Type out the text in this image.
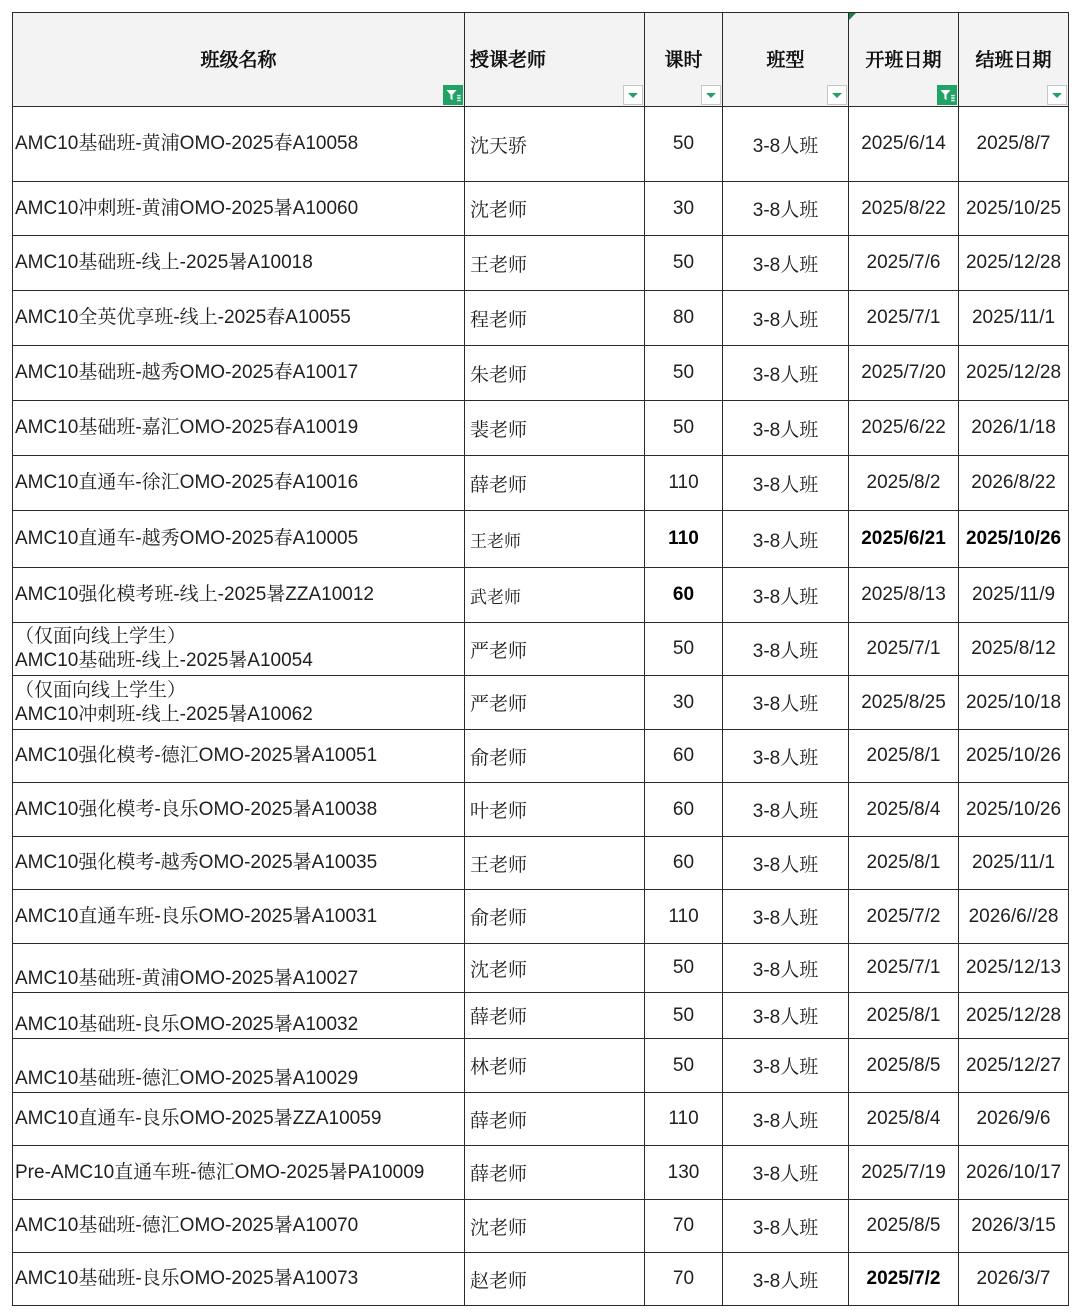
班级名称	授课老师	课时	班型	开班日期	结班日期

AMC10基础班-黄浦OMO-2025春A10058	沈天骄	50	3-8人班	2025/6/14	2025/8/7
AMC10冲刺班-黄浦OMO-2025暑A10060	沈老师	30	3-8人班	2025/8/22	2025/10/25
AMC10基础班-线上-2025暑A10018	王老师	50	3-8人班	2025/7/6	2025/12/28
AMC10全英优享班-线上-2025春A10055	程老师	80	3-8人班	2025/7/1	2025/11/1
AMC10基础班-越秀OMO-2025春A10017	朱老师	50	3-8人班	2025/7/20	2025/12/28
AMC10基础班-嘉汇OMO-2025春A10019	裴老师	50	3-8人班	2025/6/22	2026/1/18
AMC10直通车-徐汇OMO-2025春A10016	薛老师	110	3-8人班	2025/8/2	2026/8/22
AMC10直通车-越秀OMO-2025春A10005	王老师	110	3-8人班	2025/6/21	2025/10/26
AMC10强化模考班-线上-2025暑ZZA10012	武老师	60	3-8人班	2025/8/13	2025/11/9
（仅面向线上学生）
AMC10基础班-线上-2025暑A10054	严老师	50	3-8人班	2025/7/1	2025/8/12
（仅面向线上学生）
AMC10冲刺班-线上-2025暑A10062	严老师	30	3-8人班	2025/8/25	2025/10/18
AMC10强化模考-德汇OMO-2025暑A10051	俞老师	60	3-8人班	2025/8/1	2025/10/26
AMC10强化模考-良乐OMO-2025暑A10038	叶老师	60	3-8人班	2025/8/4	2025/10/26
AMC10强化模考-越秀OMO-2025暑A10035	王老师	60	3-8人班	2025/8/1	2025/11/1
AMC10直通车班-良乐OMO-2025暑A10031	俞老师	110	3-8人班	2025/7/2	2026/6//28
AMC10基础班-黄浦OMO-2025暑A10027	沈老师	50	3-8人班	2025/7/1	2025/12/13
AMC10基础班-良乐OMO-2025暑A10032	薛老师	50	3-8人班	2025/8/1	2025/12/28
AMC10基础班-德汇OMO-2025暑A10029	林老师	50	3-8人班	2025/8/5	2025/12/27
AMC10直通车-良乐OMO-2025暑ZZA10059	薛老师	110	3-8人班	2025/8/4	2026/9/6
Pre-AMC10直通车班-德汇OMO-2025暑PA10009	薛老师	130	3-8人班	2025/7/19	2026/10/17
AMC10基础班-德汇OMO-2025暑A10070	沈老师	70	3-8人班	2025/8/5	2026/3/15
AMC10基础班-良乐OMO-2025暑A10073	赵老师	70	3-8人班	2025/7/2	2026/3/7
